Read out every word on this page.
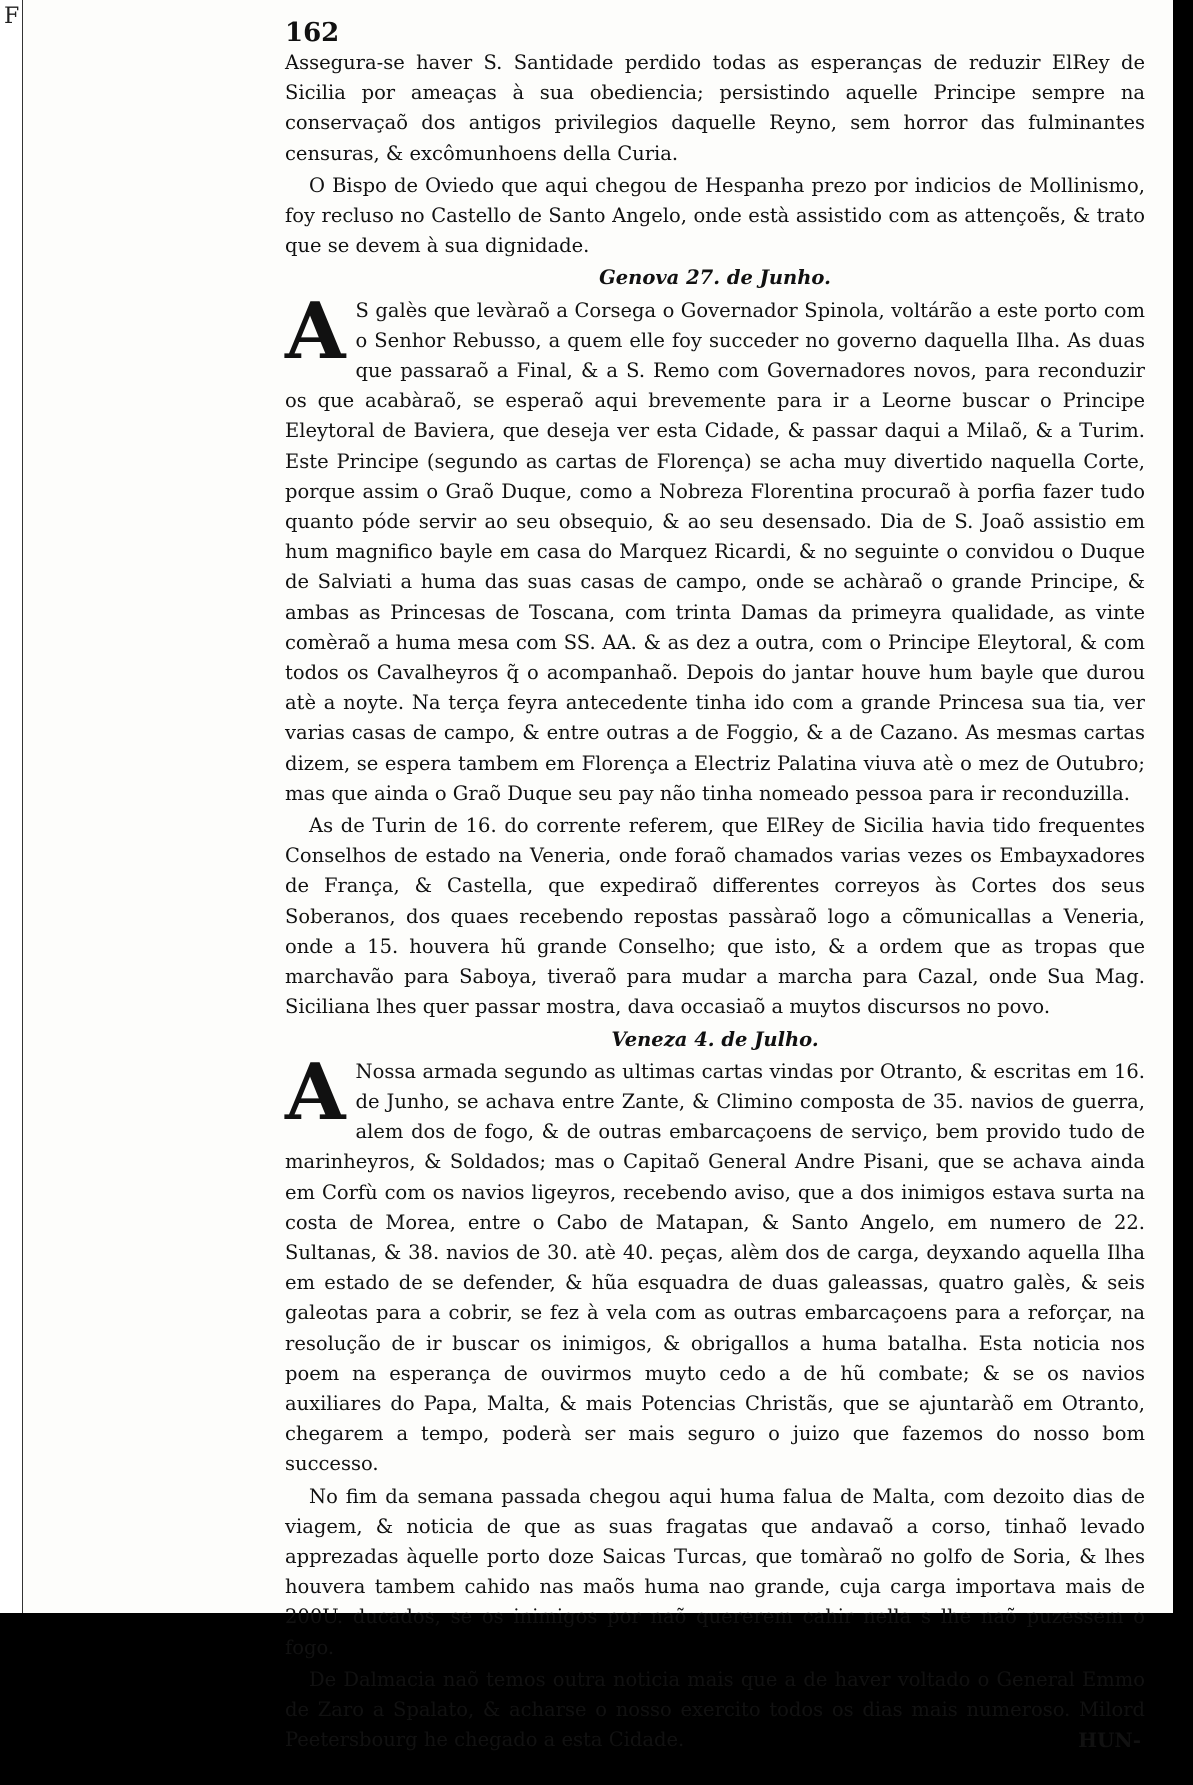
162

Assegura-se haver S. Santidade perdido todas as esperanças de reduzir ElRey de Sicilia por ameaças à sua obediencia; persistindo aquelle Principe sempre na conservaçaõ dos antigos privilegios daquelle Reyno, sem horror das fulminantes censuras, & excômunhoens della Curia.

O Bispo de Oviedo que aqui chegou de Hespanha prezo por indicios de Mollinismo, foy recluso no Castello de Santo Angelo, onde està assistido com as attençoẽs, & trato que se devem à sua dignidade.

Genova 27. de Junho.

A S galès que levàraõ a Corsega o Governador Spinola, voltárão a este porto com o Senhor Rebusso, a quem elle foy succeder no governo daquella Ilha. As duas que passaraõ a Final, & a S. Remo com Governadores novos, para reconduzir os que acabàraõ, se esperaõ aqui brevemente para ir a Leorne buscar o Principe Eleytoral de Baviera, que deseja ver esta Cidade, & passar daqui a Milaõ, & a Turim. Este Principe (segundo as cartas de Florença) se acha muy divertido naquella Corte, porque assim o Graõ Duque, como a Nobreza Florentina procuraõ à porfia fazer tudo quanto póde servir ao seu obsequio, & ao seu desensado. Dia de S. Joaõ assistio em hum magnifico bayle em casa do Marquez Ricardi, & no seguinte o convidou o Duque de Salviati a huma das suas casas de campo, onde se achàraõ o grande Principe, & ambas as Princesas de Toscana, com trinta Damas da primeyra qualidade, as vinte comèraõ a huma mesa com SS. AA. & as dez a outra, com o Principe Eleytoral, & com todos os Cavalheyros q̃ o acompanhaõ. Depois do jantar houve hum bayle que durou atè a noyte. Na terça feyra antecedente tinha ido com a grande Princesa sua tia, ver varias casas de campo, & entre outras a de Foggio, & a de Cazano. As mesmas cartas dizem, se espera tambem em Florença a Electriz Palatina viuva atè o mez de Outubro; mas que ainda o Graõ Duque seu pay não tinha nomeado pessoa para ir reconduzilla.

As de Turin de 16. do corrente referem, que ElRey de Sicilia havia tido frequentes Conselhos de estado na Veneria, onde foraõ chamados varias vezes os Embayxadores de França, & Castella, que expediraõ differentes correyos às Cortes dos seus Soberanos, dos quaes recebendo repostas passàraõ logo a cõmunicallas a Veneria, onde a 15. houvera hũ grande Conselho; que isto, & a ordem que as tropas que marchavão para Saboya, tiveraõ para mudar a marcha para Cazal, onde Sua Mag. Siciliana lhes quer passar mostra, dava occasiaõ a muytos discursos no povo.

Veneza 4. de Julho.

A Nossa armada segundo as ultimas cartas vindas por Otranto, & escritas em 16. de Junho, se achava entre Zante, & Climino composta de 35. navios de guerra, alem dos de fogo, & de outras embarcaçoens de serviço, bem provido tudo de marinheyros, & Soldados; mas o Capitaõ General Andre Pisani, que se achava ainda em Corfù com os navios ligeyros, recebendo aviso, que a dos inimigos estava surta na costa de Morea, entre o Cabo de Matapan, & Santo Angelo, em numero de 22. Sultanas, & 38. navios de 30. atè 40. peças, alèm dos de carga, deyxando aquella Ilha em estado de se defender, & hũa esquadra de duas galeassas, quatro galès, & seis galeotas para a cobrir, se fez à vela com as outras embarcaçoens para a reforçar, na resolução de ir buscar os inimigos, & obrigallos a huma batalha. Esta noticia nos poem na esperança de ouvirmos muyto cedo a de hũ combate; & se os navios auxiliares do Papa, Malta, & mais Potencias Christãs, que se ajuntaràõ em Otranto, chegarem a tempo, poderà ser mais seguro o juizo que fazemos do nosso bom successo.

No fim da semana passada chegou aqui huma falua de Malta, com dezoito dias de viagem, & noticia de que as suas fragatas que andavaõ a corso, tinhaõ levado apprezadas àquelle porto doze Saicas Turcas, que tomàraõ no golfo de Soria, & lhes houvera tambem cahido nas maõs huma nao grande, cuja carga importava mais de 200U. ducados, se os inimigos por naõ quererem cahir nella s lhe naõ puzessem o fogo.

De Dalmacia naõ temos outra noticia mais que a de haver voltado o General Emmo de Zaro a Spalato, & acharse o nosso exercito todos os dias mais numeroso. Milord Peetersbourg he chegado a esta Cidade.	HUN-
F
